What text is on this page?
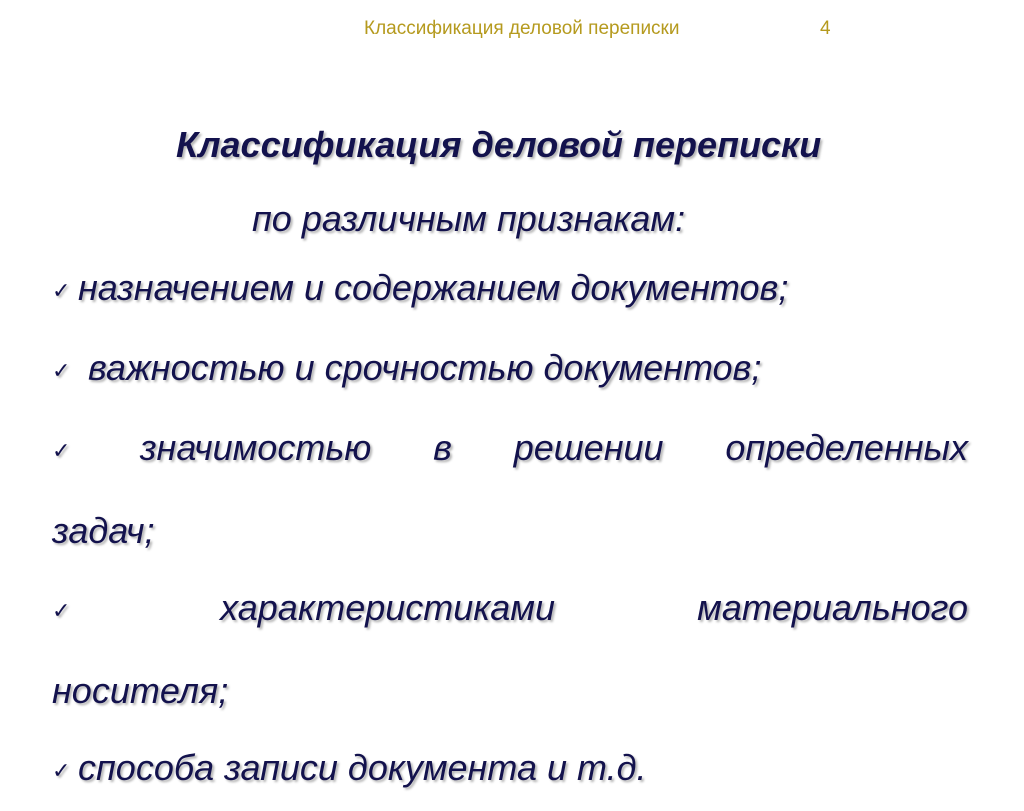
Классификация деловой переписки	4
Классификация деловой переписки
по различным признакам:
✓ назначением и содержанием документов;
✓ важностью и срочностью документов;
✓ значимостью в решении определенных
задач;
✓ характеристиками материального
носителя;
✓ способа записи документа и т.д.
